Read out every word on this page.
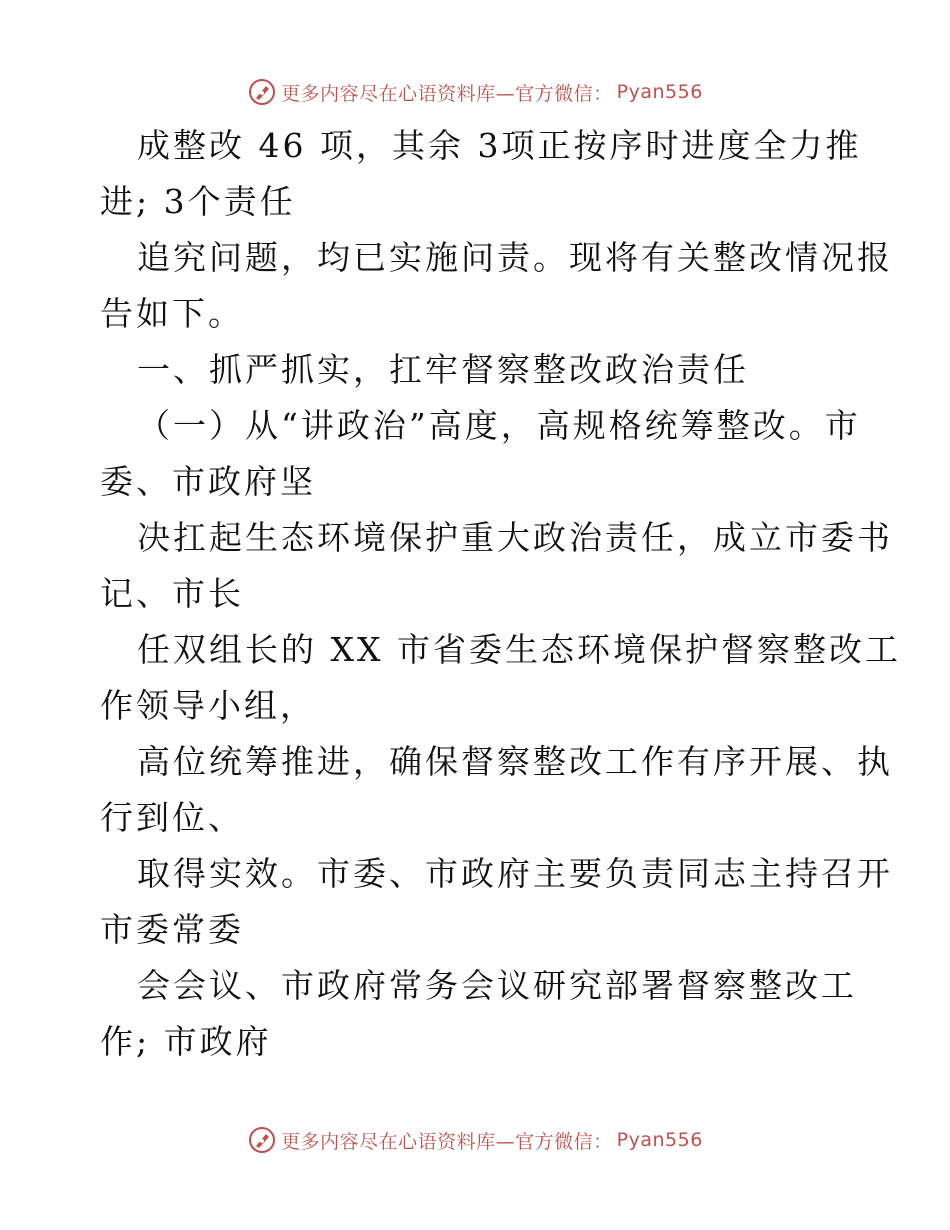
更多内容尽在心语资料库—官方微信： Pyan556
成整改 46 项，其余 3项正按序时进度全力推
进; 3个责任
追究问题，均已实施问责。现将有关整改情况报
告如下。
一、抓严抓实，扛牢督察整改政治责任
（一）从“讲政治”高度，高规格统筹整改。市
委、市政府坚
决扛起生态环境保护重大政治责任，成立市委书
记、市长
任双组长的 XX 市省委生态环境保护督察整改工
作领导小组，
高位统筹推进，确保督察整改工作有序开展、执
行到位、
取得实效。市委、市政府主要负责同志主持召开
市委常委
会会议、市政府常务会议研究部署督察整改工
作; 市政府
更多内容尽在心语资料库—官方微信： Pyan556
